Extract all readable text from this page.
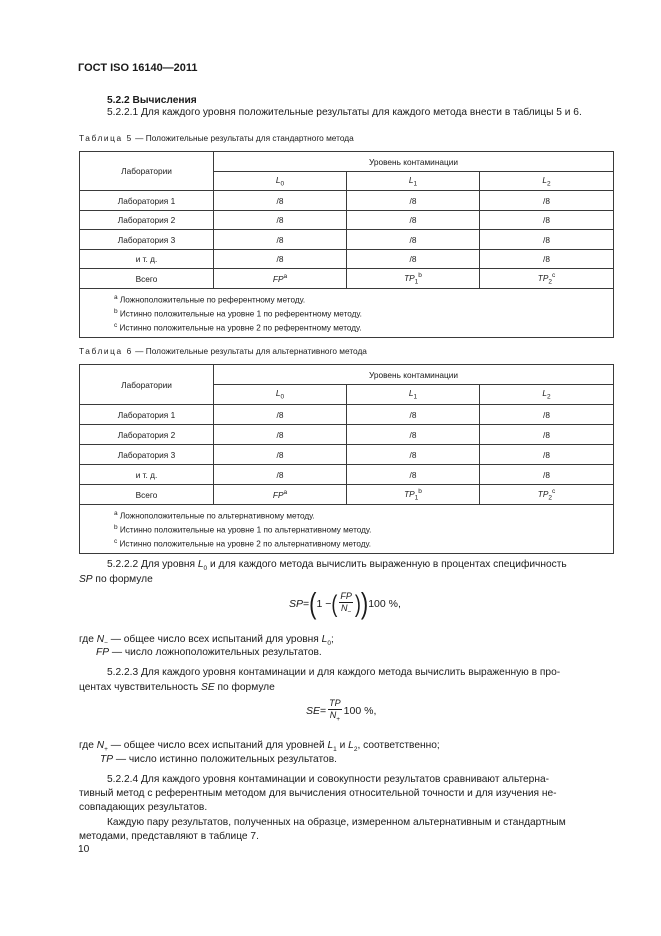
ГОСТ ISO 16140—2011
5.2.2 Вычисления
5.2.2.1 Для каждого уровня положительные результаты для каждого метода внести в таблицы 5 и 6.
Таблица 5 — Положительные результаты для стандартного метода
Лаборатории	Уровень контаминации		
	$L_0$	$L_1$	$L_2$
Лаборатория 1	/8	/8	/8
Лаборатория 2	/8	/8	/8
Лаборатория 3	/8	/8	/8
и т. д.	/8	/8	/8
Всего	$FP^a$	$TP_1^b$	$TP_2^c$

$^a$ Ложноположительные по референтному методу.
$^b$ Истинно положительные на уровне 1 по референтному методу.
$^c$ Истинно положительные на уровне 2 по референтному методу.			
Таблица 6 — Положительные результаты для альтернативного метода
Лаборатории	Уровень контаминации		
	$L_0$	$L_1$	$L_2$
Лаборатория 1	/8	/8	/8
Лаборатория 2	/8	/8	/8
Лаборатория 3	/8	/8	/8
и т. д.	/8	/8	/8
Всего	$FP^a$	$TP_1^b$	$TP_2^c$

$^a$ Ложноположительные по альтернативному методу.
$^b$ Истинно положительные на уровне 1 по альтернативному методу.
$^c$ Истинно положительные на уровне 2 по альтернативному методу.			
5.2.2.2 Для уровня $L_0$ и для каждого метода вычислить выраженную в процентах специфичность
SP по формуле
SP = ( 1 − ( $\frac{FP}{N_-}$ ) ) 100 %,
где $N_-$ — общее число всех испытаний для уровня $L_0$;
FP — число ложноположительных результатов.
5.2.2.3 Для каждого уровня контаминации и для каждого метода вычислить выраженную в про-
центах чувствительность SE по формуле
SE = $\frac{TP}{N_+} 100$ %,
где $N_+$ — общее число всех испытаний для уровней $L_1$ и $L_2$, соответственно;
TP — число истинно положительных результатов.
5.2.2.4 Для каждого уровня контаминации и совокупности результатов сравнивают альтерна-
тивный метод с референтным методом для вычисления относительной точности и для изучения не-
совпадающих результатов.
Каждую пару результатов, полученных на образце, измеренном альтернативным и стандартным
методами, представляют в таблице 7.
10
